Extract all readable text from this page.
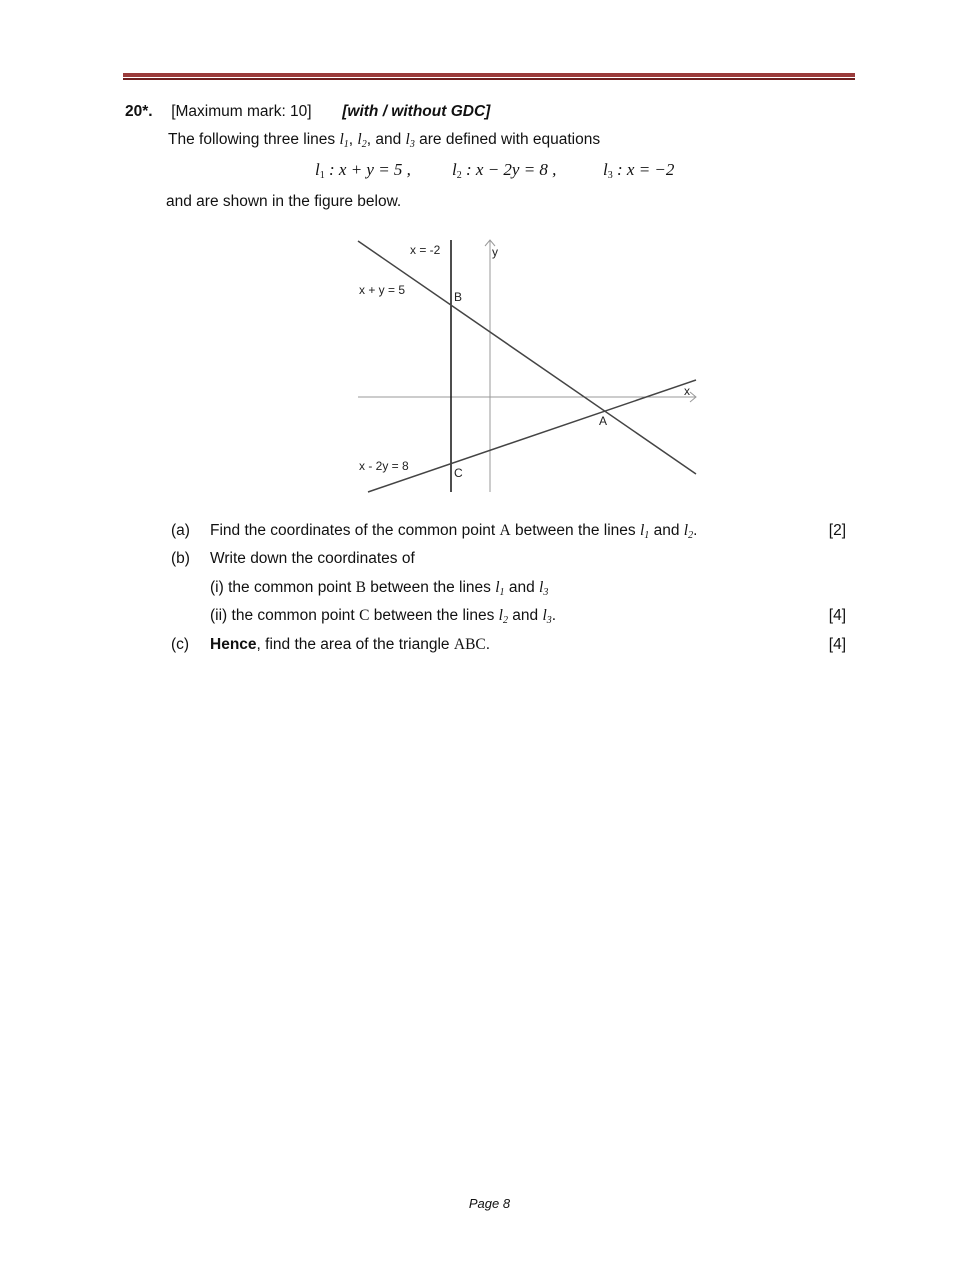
20*. [Maximum mark: 10] [with / without GDC]
The following three lines $l_1$, $l_2$, and $l_3$ are defined with equations
$l_1$ : x + y = 5 , $l_2$ : x − 2y = 8 ,	$l_3$ : x = −2
and are shown in the figure below.
x = -2
x + y = 5
x - 2y = 8
y
x
A
B
C
(a) Find the coordinates of the common point A between the lines $l_1$ and $l_2$.	[2]
(b) Write down the coordinates of
(i) the common point B between the lines $l_1$ and $l_3$
(ii) the common point C between the lines $l_2$ and $l_3$.	[4]
(c) Hence, find the area of the triangle ABC.	[4]
Page 8
